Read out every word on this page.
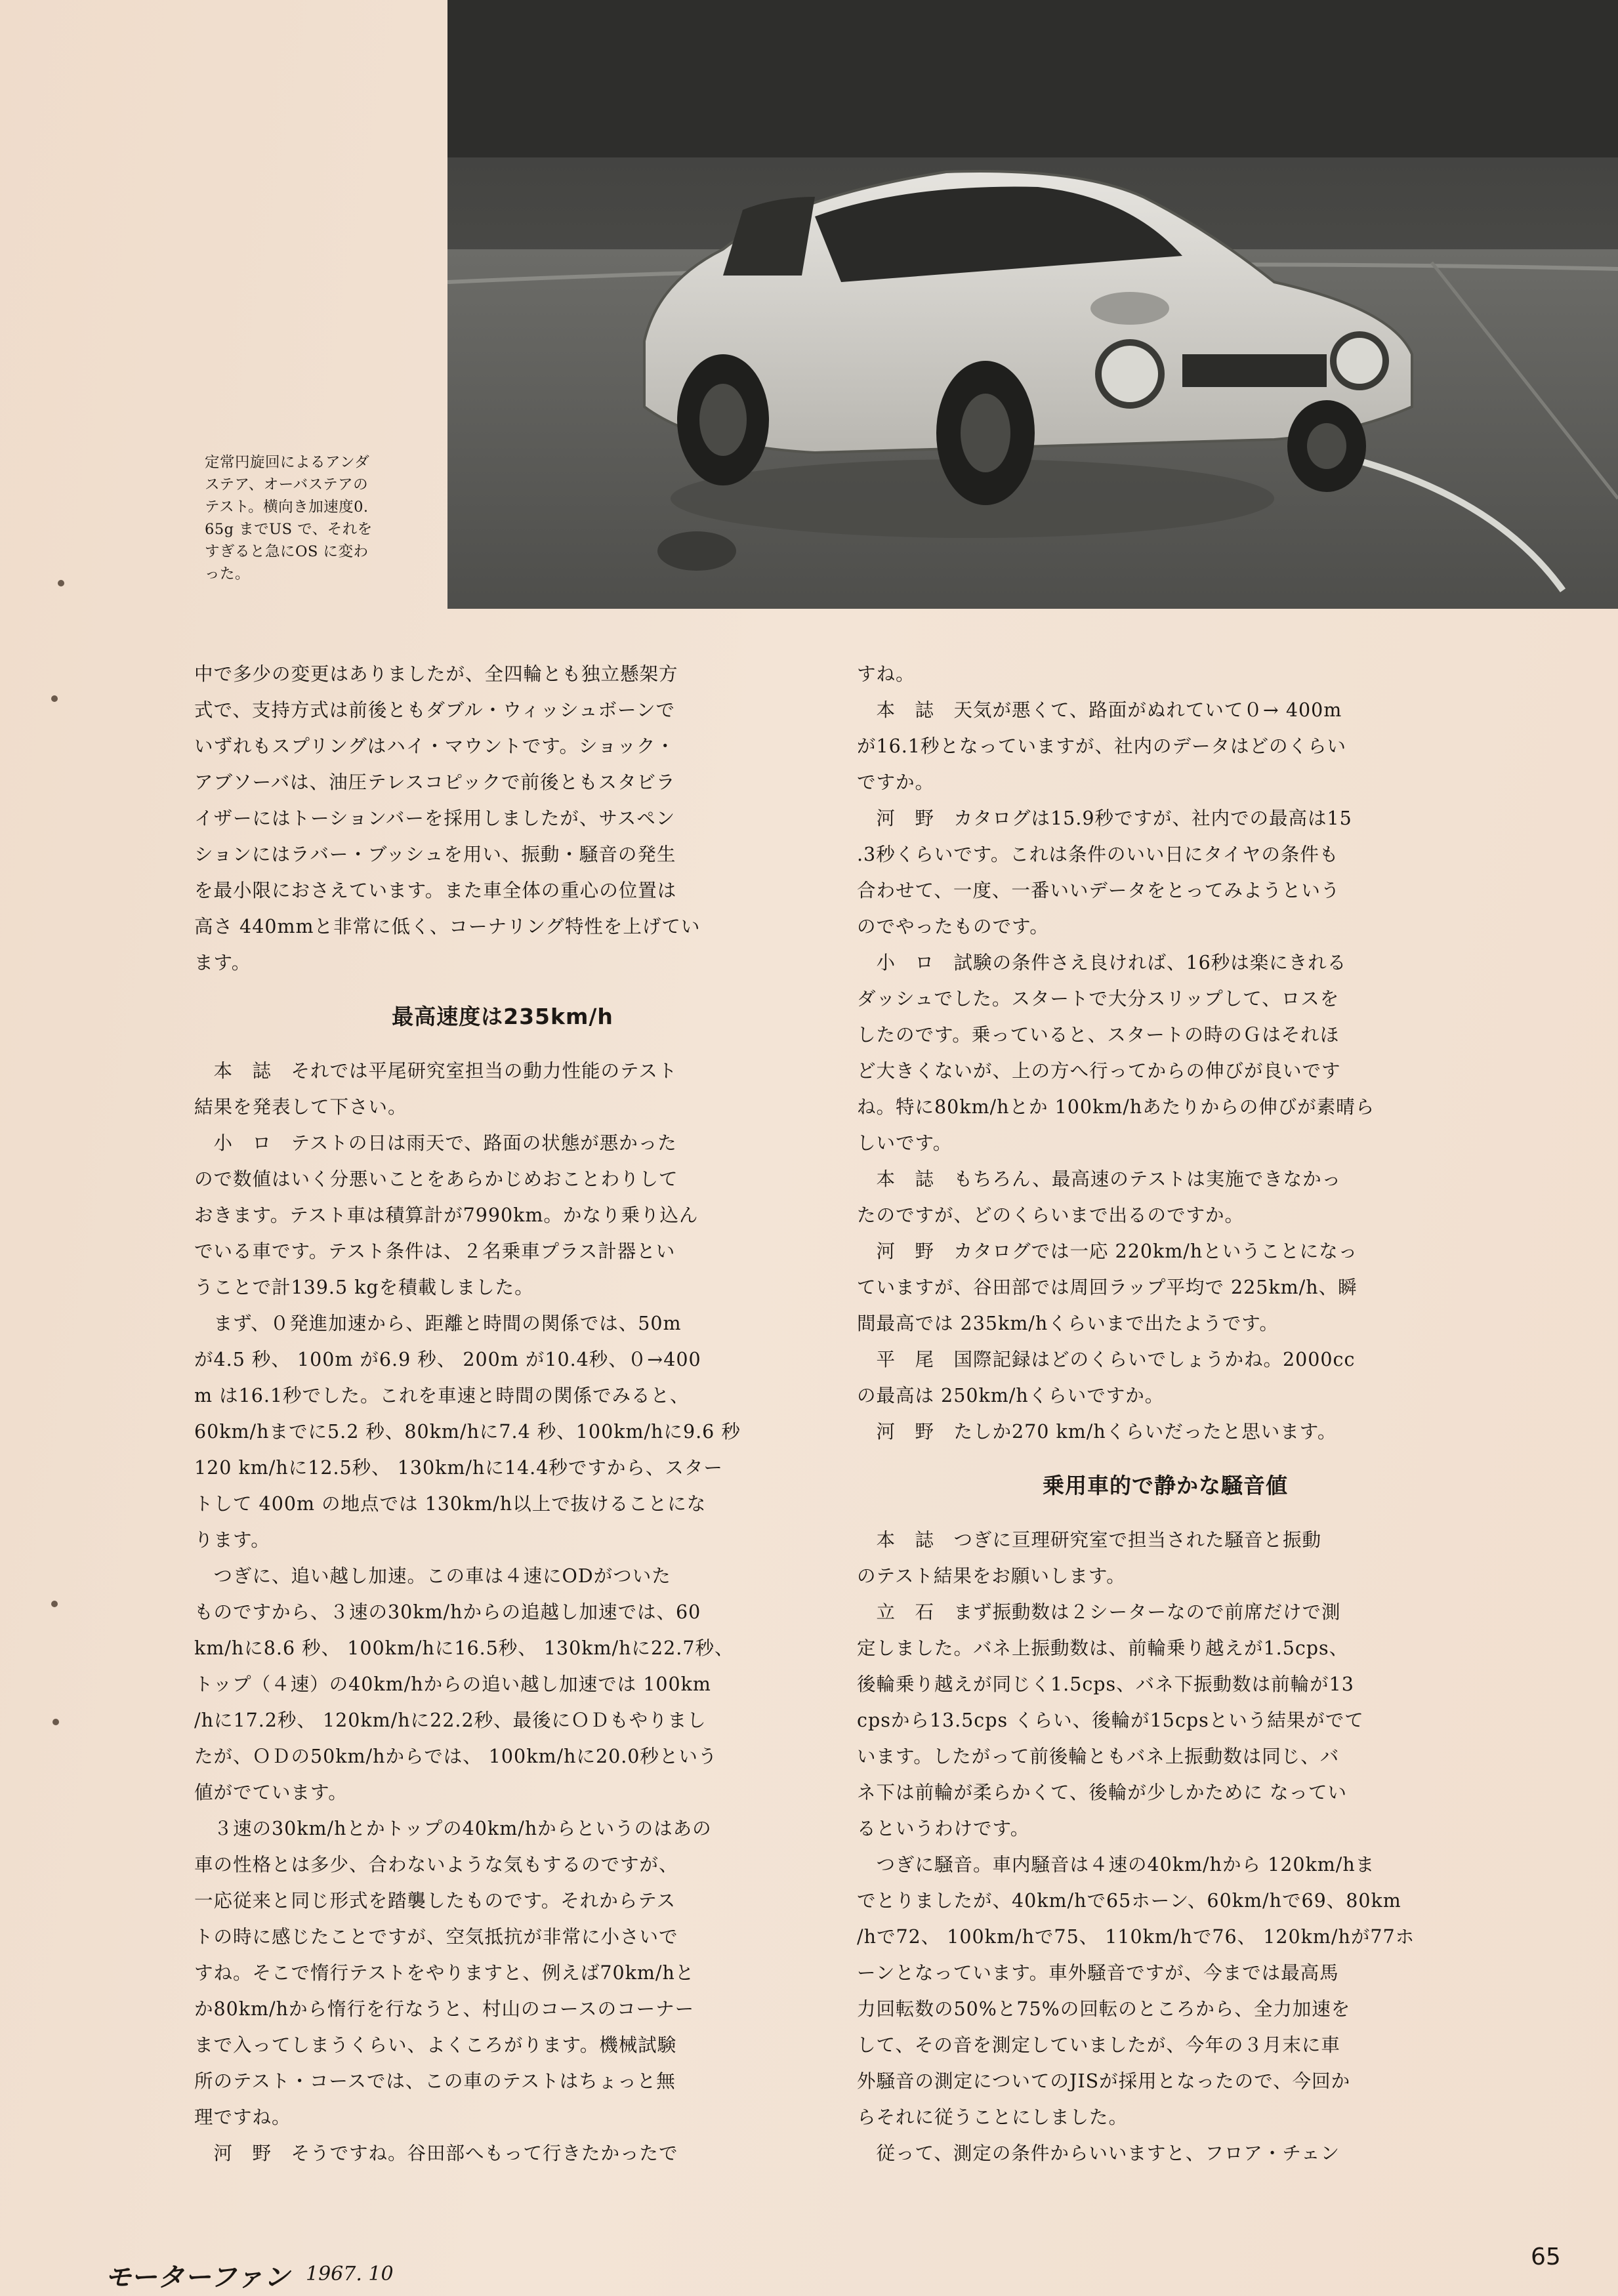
定常円旋回によるアンダ
ステア、オーバステアの
テスト。横向き加速度0.
65g までUS で、それを
すぎると急にOS に変わ
った。
中で多少の変更はありましたが、全四輪とも独立懸架方
式で、支持方式は前後ともダブル・ウィッシュボーンで
いずれもスプリングはハイ・マウントです。ショック・
アブソーバは、油圧テレスコピックで前後ともスタビラ
イザーにはトーションバーを採用しましたが、サスペン
ションにはラバー・ブッシュを用い、振動・騒音の発生
を最小限におさえています。また車全体の重心の位置は
高さ 440mmと非常に低く、コーナリング特性を上げてい
ます。
最高速度は235km/h
　本　誌　それでは平尾研究室担当の動力性能のテスト
結果を発表して下さい。
　小　ロ　テストの日は雨天で、路面の状態が悪かった
ので数値はいく分悪いことをあらかじめおことわりして
おきます。テスト車は積算計が7990km。かなり乗り込ん
でいる車です。テスト条件は、２名乗車プラス計器とい
うことで計139.5 kgを積載しました。
　まず、０発進加速から、距離と時間の関係では、50m
が4.5 秒、 100m が6.9 秒、 200m が10.4秒、０→400
m は16.1秒でした。これを車速と時間の関係でみると、
60km/hまでに5.2 秒、80km/hに7.4 秒、100km/hに9.6 秒
120 km/hに12.5秒、 130km/hに14.4秒ですから、スター
トして 400m の地点では 130km/h以上で抜けることにな
ります。
　つぎに、追い越し加速。この車は４速にODがついた
ものですから、３速の30km/hからの追越し加速では、60
km/hに8.6 秒、 100km/hに16.5秒、 130km/hに22.7秒、
トップ（４速）の40km/hからの追い越し加速では 100km
/hに17.2秒、 120km/hに22.2秒、最後にＯＤもやりまし
たが、ＯＤの50km/hからでは、 100km/hに20.0秒という
値がでています。
　３速の30km/hとかトップの40km/hからというのはあの
車の性格とは多少、合わないような気もするのですが、
一応従来と同じ形式を踏襲したものです。それからテス
トの時に感じたことですが、空気抵抗が非常に小さいで
すね。そこで惰行テストをやりますと、例えば70km/hと
か80km/hから惰行を行なうと、村山のコースのコーナー
まで入ってしまうくらい、よくころがります。機械試験
所のテスト・コースでは、この車のテストはちょっと無
理ですね。
　河　野　そうですね。谷田部へもって行きたかったで
すね。
　本　誌　天気が悪くて、路面がぬれていて０→ 400m
が16.1秒となっていますが、社内のデータはどのくらい
ですか。
　河　野　カタログは15.9秒ですが、社内での最高は15
.3秒くらいです。これは条件のいい日にタイヤの条件も
合わせて、一度、一番いいデータをとってみようという
のでやったものです。
　小　ロ　試験の条件さえ良ければ、16秒は楽にきれる
ダッシュでした。スタートで大分スリップして、ロスを
したのです。乗っていると、スタートの時のＧはそれほ
ど大きくないが、上の方へ行ってからの伸びが良いです
ね。特に80km/hとか 100km/hあたりからの伸びが素晴ら
しいです。
　本　誌　もちろん、最高速のテストは実施できなかっ
たのですが、どのくらいまで出るのですか。
　河　野　カタログでは一応 220km/hということになっ
ていますが、谷田部では周回ラップ平均で 225km/h、瞬
間最高では 235km/hくらいまで出たようです。
　平　尾　国際記録はどのくらいでしょうかね。2000cc
の最高は 250km/hくらいですか。
　河　野　たしか270 km/hくらいだったと思います。
乗用車的で静かな騒音値
　本　誌　つぎに亘理研究室で担当された騒音と振動
のテスト結果をお願いします。
　立　石　まず振動数は２シーターなので前席だけで測
定しました。バネ上振動数は、前輪乗り越えが1.5cps、
後輪乗り越えが同じく1.5cps、バネ下振動数は前輪が13
cpsから13.5cps くらい、後輪が15cpsという結果がでて
います。したがって前後輪ともバネ上振動数は同じ、バ
ネ下は前輪が柔らかくて、後輪が少しかために なってい
るというわけです。
　つぎに騒音。車内騒音は４速の40km/hから 120km/hま
でとりましたが、40km/hで65ホーン、60km/hで69、80km
/hで72、 100km/hで75、 110km/hで76、 120km/hが77ホ
ーンとなっています。車外騒音ですが、今までは最高馬
力回転数の50%と75%の回転のところから、全力加速を
して、その音を測定していましたが、今年の３月末に車
外騒音の測定についてのJISが採用となったので、今回か
らそれに従うことにしました。
　従って、測定の条件からいいますと、フロア・チェン
モーターファン 1967. 10
65
